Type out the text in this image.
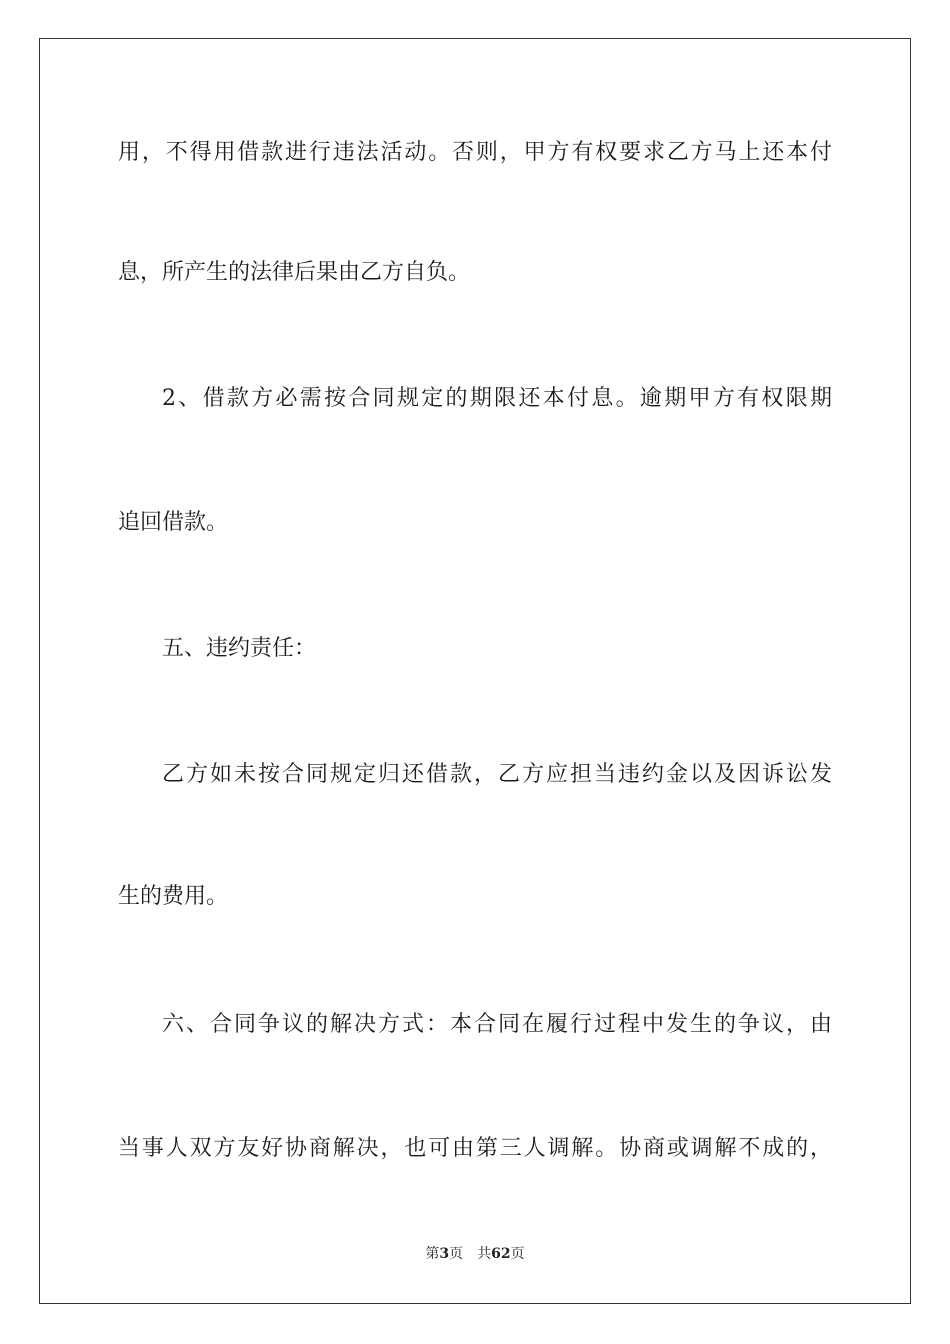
用，不得用借款进行违法活动。否则，甲方有权要求乙方马上还本付
息，所产生的法律后果由乙方自负。
2、借款方必需按合同规定的期限还本付息。逾期甲方有权限期
追回借款。
五、违约责任：
乙方如未按合同规定归还借款，乙方应担当违约金以及因诉讼发
生的费用。
六、合同争议的解决方式：本合同在履行过程中发生的争议，由
当事人双方友好协商解决，也可由第三人调解。协商或调解不成的，
第3页 共62页
